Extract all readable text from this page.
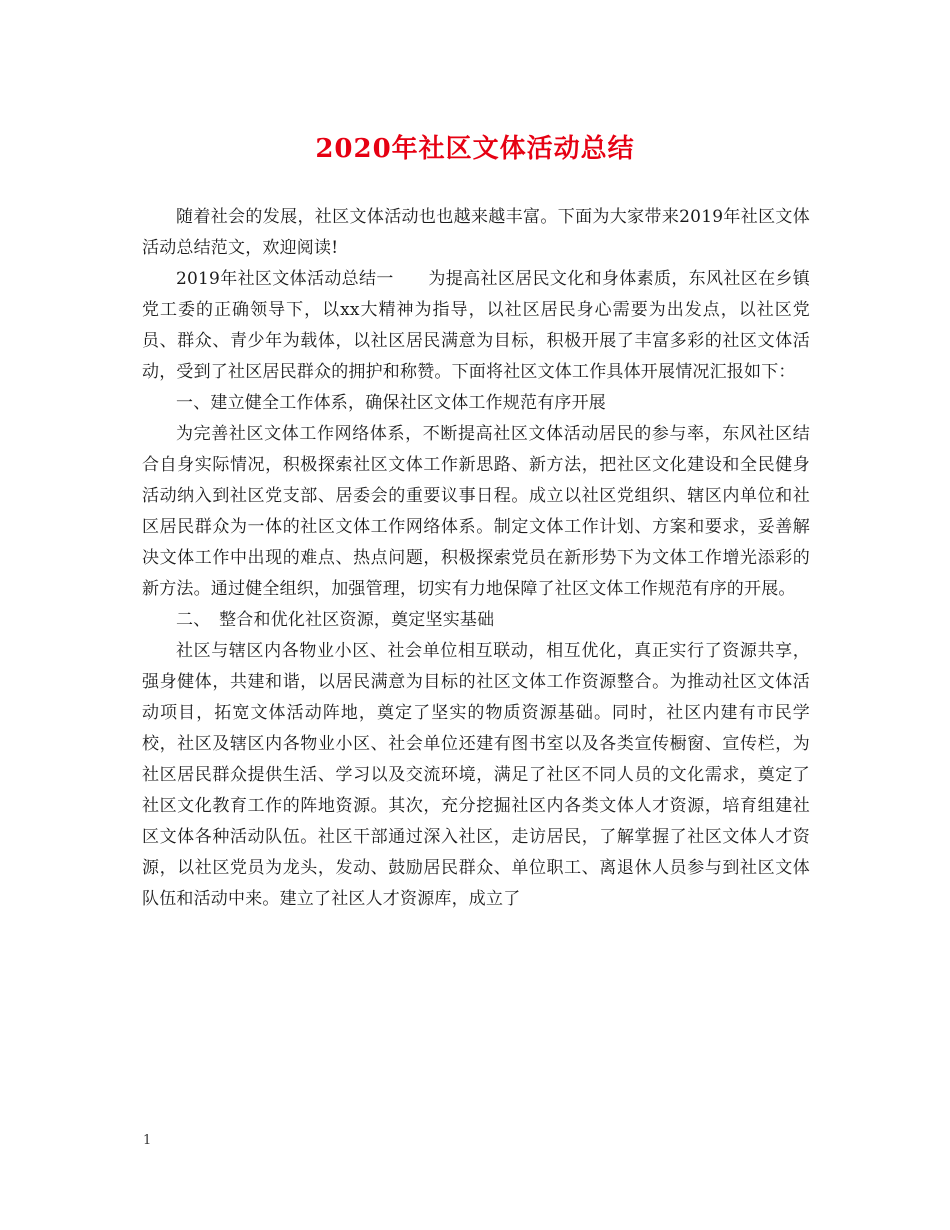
2020年社区文体活动总结

随着社会的发展，社区文体活动也也越来越丰富。下面为大家带来2019年社区文体活动总结范文，欢迎阅读!

2019年社区文体活动总结一　　为提高社区居民文化和身体素质，东风社区在乡镇党工委的正确领导下，以xx大精神为指导，以社区居民身心需要为出发点，以社区党员、群众、青少年为载体，以社区居民满意为目标，积极开展了丰富多彩的社区文体活动，受到了社区居民群众的拥护和称赞。下面将社区文体工作具体开展情况汇报如下：

一、建立健全工作体系，确保社区文体工作规范有序开展

为完善社区文体工作网络体系，不断提高社区文体活动居民的参与率，东风社区结合自身实际情况，积极探索社区文体工作新思路、新方法，把社区文化建设和全民健身活动纳入到社区党支部、居委会的重要议事日程。成立以社区党组织、辖区内单位和社区居民群众为一体的社区文体工作网络体系。制定文体工作计划、方案和要求，妥善解决文体工作中出现的难点、热点问题，积极探索党员在新形势下为文体工作增光添彩的新方法。通过健全组织，加强管理，切实有力地保障了社区文体工作规范有序的开展。

二、　整合和优化社区资源，奠定坚实基础

社区与辖区内各物业小区、社会单位相互联动，相互优化，真正实行了资源共享，强身健体，共建和谐，以居民满意为目标的社区文体工作资源整合。为推动社区文体活动项目，拓宽文体活动阵地，奠定了坚实的物质资源基础。同时，社区内建有市民学校，社区及辖区内各物业小区、社会单位还建有图书室以及各类宣传橱窗、宣传栏，为社区居民群众提供生活、学习以及交流环境，满足了社区不同人员的文化需求，奠定了社区文化教育工作的阵地资源。其次，充分挖掘社区内各类文体人才资源，培育组建社区文体各种活动队伍。社区干部通过深入社区，走访居民，了解掌握了社区文体人才资源，以社区党员为龙头，发动、鼓励居民群众、单位职工、离退休人员参与到社区文体队伍和活动中来。建立了社区人才资源库，成立了

1
